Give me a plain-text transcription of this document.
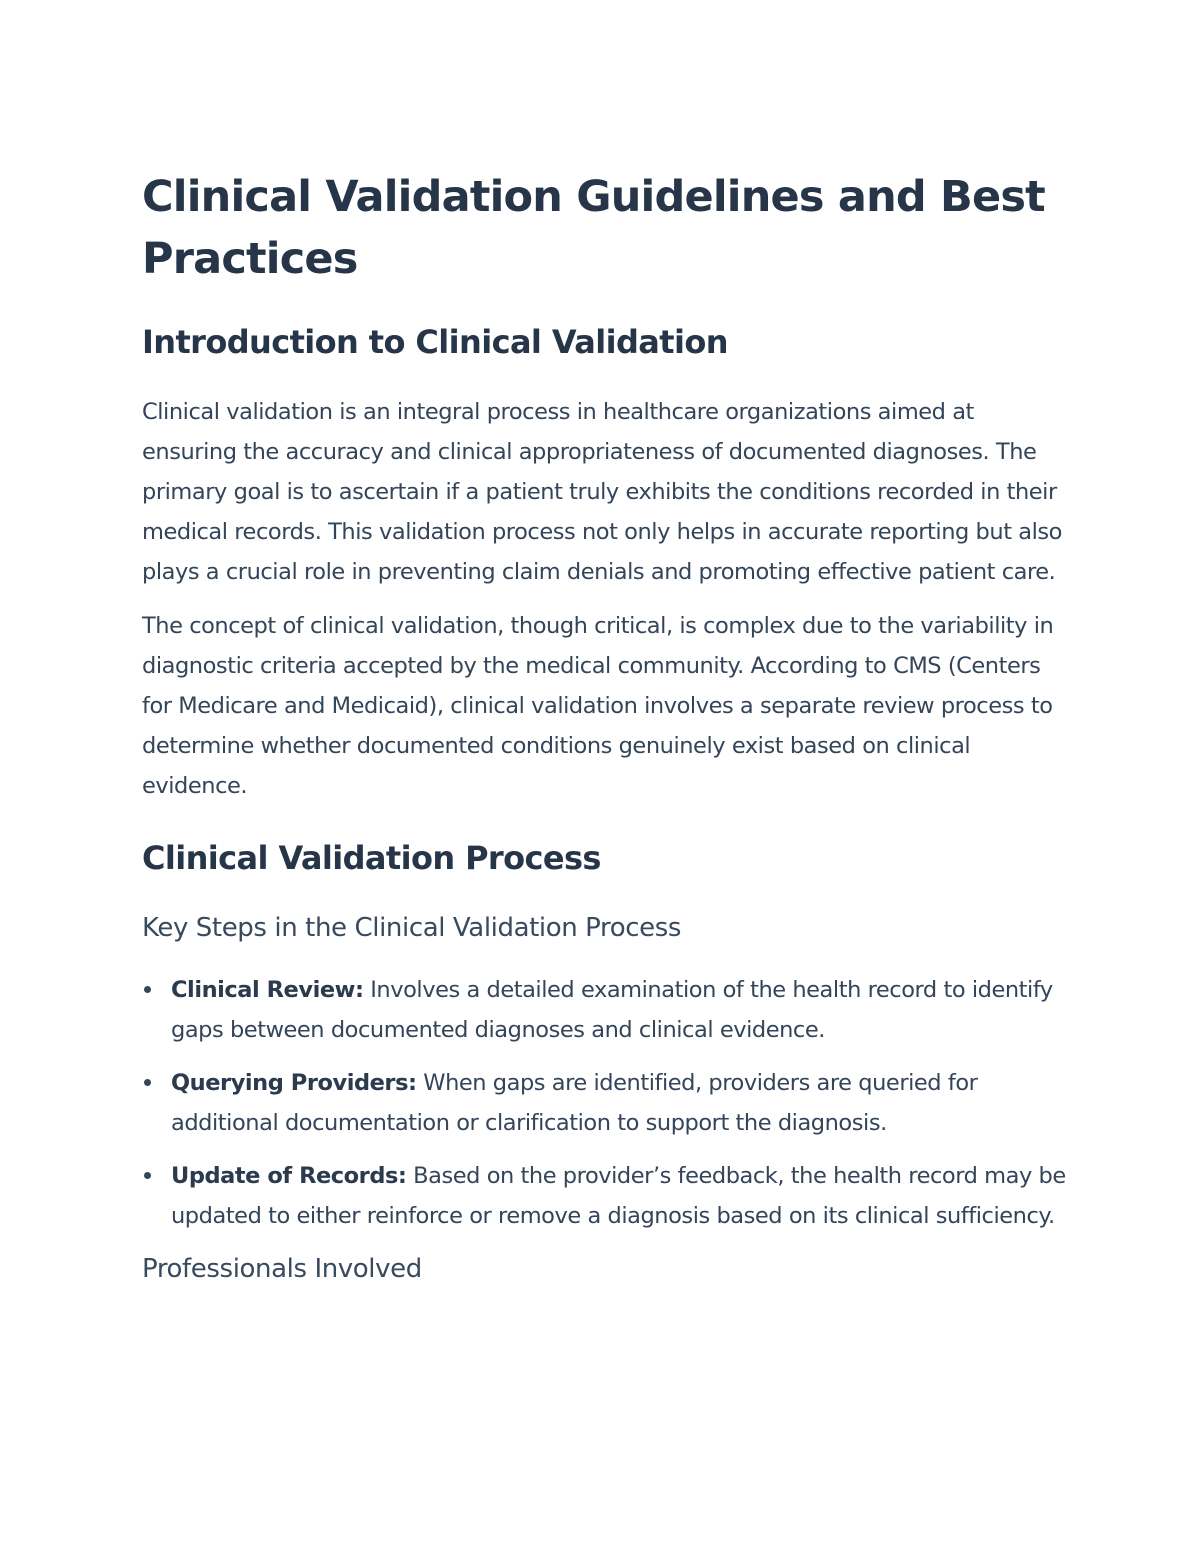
Clinical Validation Guidelines and Best Practices
Introduction to Clinical Validation

Clinical validation is an integral process in healthcare organizations aimed at ensuring the accuracy and clinical appropriateness of documented diagnoses. The primary goal is to ascertain if a patient truly exhibits the conditions recorded in their medical records. This validation process not only helps in accurate reporting but also plays a crucial role in preventing claim denials and promoting effective patient care.

The concept of clinical validation, though critical, is complex due to the variability in diagnostic criteria accepted by the medical community. According to CMS (Centers for Medicare and Medicaid), clinical validation involves a separate review process to determine whether documented conditions genuinely exist based on clinical evidence.

Clinical Validation Process
Key Steps in the Clinical Validation Process
Clinical Review: Involves a detailed examination of the health record to identify gaps between documented diagnoses and clinical evidence.
Querying Providers: When gaps are identified, providers are queried for additional documentation or clarification to support the diagnosis.
Update of Records: Based on the provider’s feedback, the health record may be updated to either reinforce or remove a diagnosis based on its clinical sufficiency.
Professionals Involved
